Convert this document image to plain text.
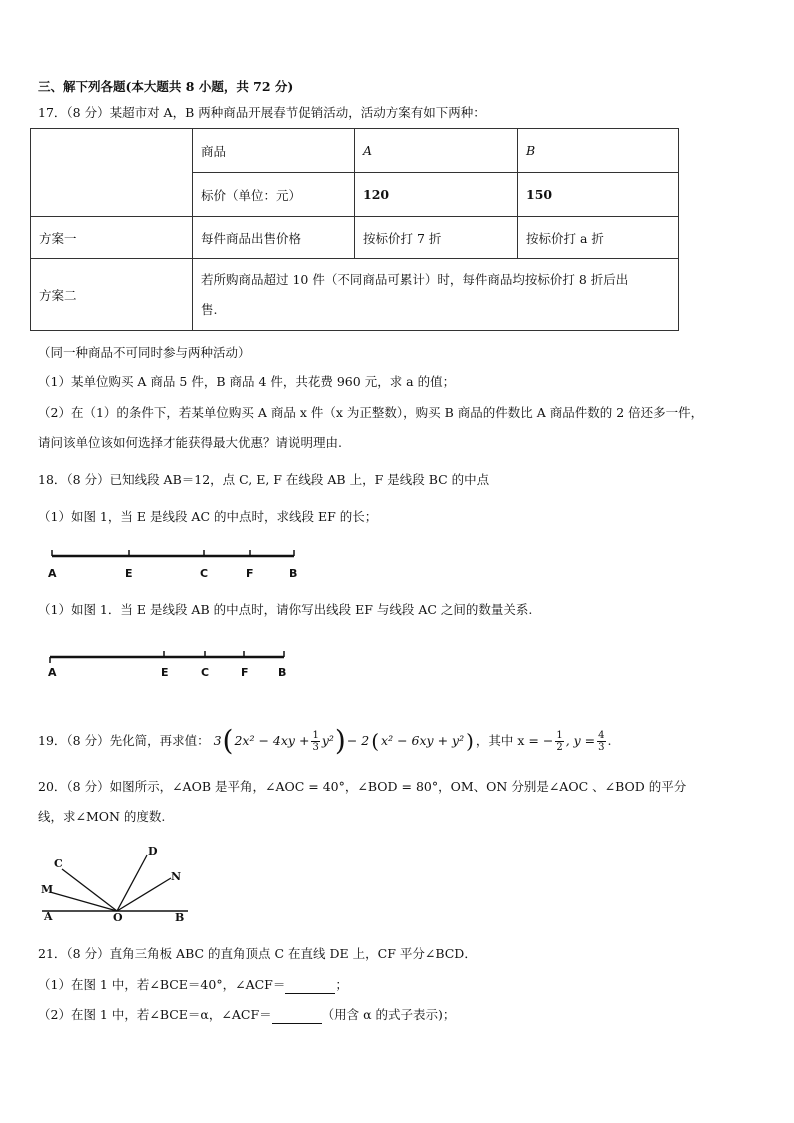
三、解下列各题(本大题共 8 小题，共 72 分)
17．（8 分）某超市对 A，B 两种商品开展春节促销活动，活动方案有如下两种：
	商品	A	B
	标价（单位：元）	120	150
方案一	每件商品出售价格	按标价打 7 折	按标价打 a 折
方案二	若所购商品超过 10 件（不同商品可累计）时，每件商品均按标价打 8 折后出
售.		
（同一种商品不可同时参与两种活动）
（1）某单位购买 A 商品 5 件，B 商品 4 件，共花费 960 元，求 a 的值；
（2）在（1）的条件下，若某单位购买 A 商品 x 件（x 为正整数），购买 B 商品的件数比 A 商品件数的 2 倍还多一件，
请问该单位该如何选择才能获得最大优惠？请说明理由.
18．（8 分）已知线段 AB＝12，点 C, E, F 在线段 AB 上，F 是线段 BC 的中点
（1）如图 1，当 E 是线段 AC 的中点时，求线段 EF 的长；
A	E	C	F	B
（1）如图 1．当 E 是线段 AB 的中点时，请你写出线段 EF 与线段 AC 之间的数量关系.
A	E	C	F	B
19．（8 分）先化简，再求值： 3 ( $2x^2 - 4xy + \frac{1}{3} y^2$ ) − 2 ( x² − 6xy + y² ) ，其中 x = − $\frac{1}{2}$ , $y = \frac{4}{3}$ .
20．（8 分）如图所示，∠AOB 是平角，∠AOC = 40°，∠BOD = 80°，OM、ON 分别是∠AOC 、∠BOD 的平分
线，求∠MON 的度数.
C
D
M
N
A	O	B
21．（8 分）直角三角板 ABC 的直角顶点 C 在直线 DE 上，CF 平分∠BCD．
（1）在图 1 中，若∠BCE＝40°，∠ACF＝	；
（2）在图 1 中，若∠BCE＝α，∠ACF＝	（用含 α 的式子表示)；
